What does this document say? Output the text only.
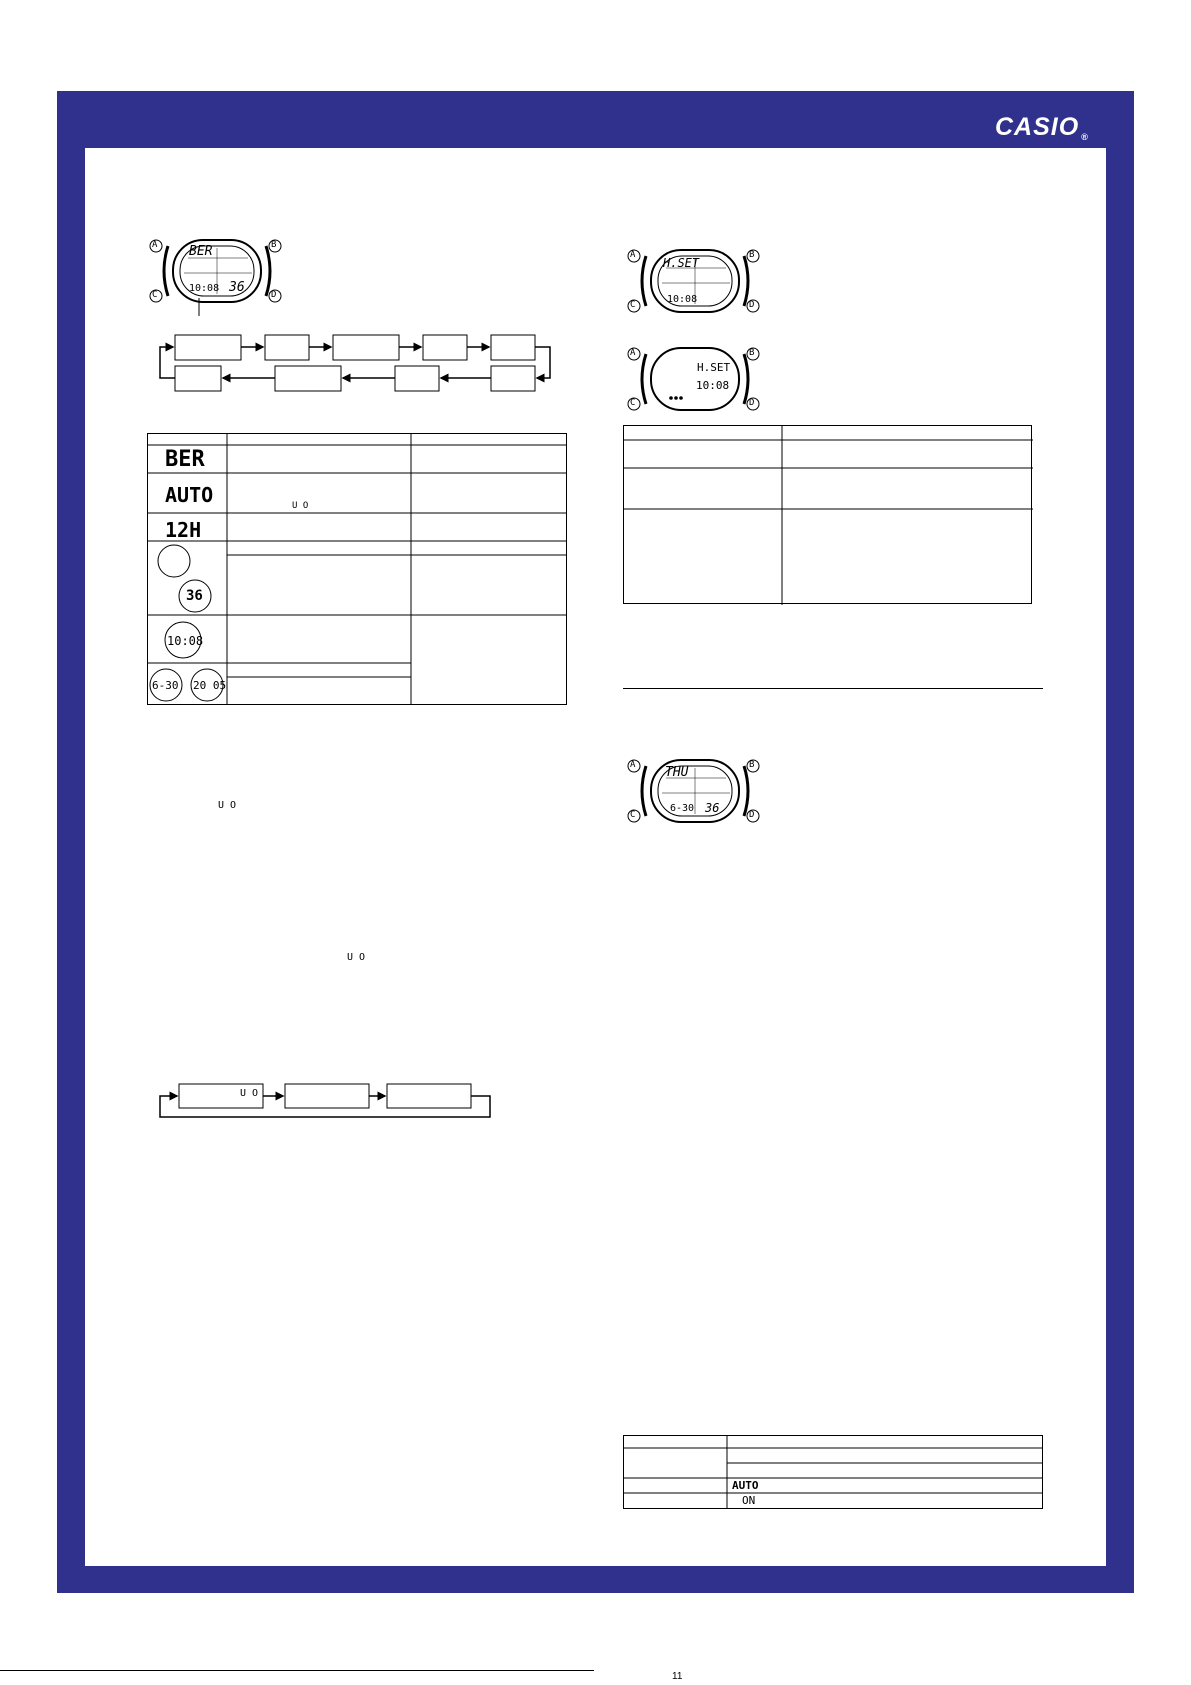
CASIO ®
A	B
C	D
BER
10:08 36
BER
AUTO	U O
12H
36
10:08
6-30 20 05
U O
U O
U O
A	B
C	D
H.SET
10:08
A	B
C	D
H.SET
10:08
A	B
C	D
THU
6-30 36
AUTO
ON
11
